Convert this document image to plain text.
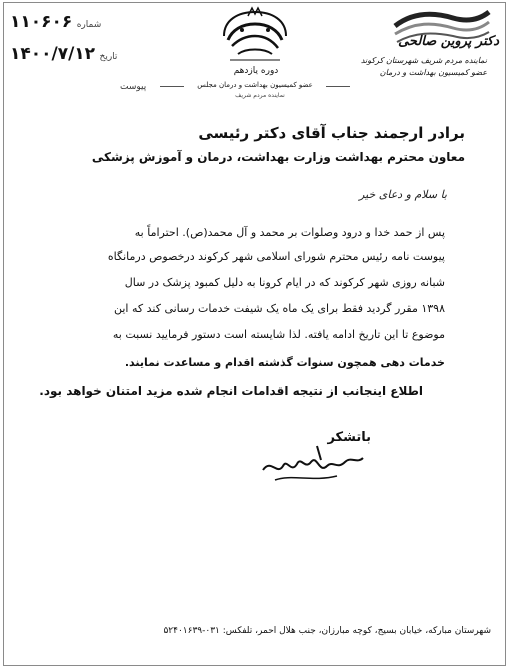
۱۱۰۶۰۶ شماره
۱۴۰۰/۷/۱۲ تاریخ
پیوست
دوره یازدهم
عضو کمیسیون بهداشت و درمان مجلس
نماینده مردم شریف
دکتر پروین صالحی
نماینده مردم شریف شهرستان کرکوند
عضو کمیسیون بهداشت و درمان
برادر ارجمند جناب آقای دکتر رئیسی
معاون محترم بهداشت وزارت بهداشت، درمان و آموزش پزشکی
با سلام و دعای خیر
پس از حمد خدا و درود وصلوات بر محمد و آل محمد(ص). احتراماً به
پیوست نامه رئیس محترم شورای اسلامی شهر کرکوند درخصوص درمانگاه
شبانه روزی شهر کرکوند که در ایام کرونا به دلیل کمبود پزشک در سال
۱۳۹۸ مقرر گردید فقط برای یک ماه یک شیفت خدمات رسانی کند که این
موضوع تا این تاریخ ادامه یافته. لذا شایسته است دستور فرمایید نسبت به
خدمات دهی همچون سنوات گذشته اقدام و مساعدت نمایند.
اطلاع اینجانب از نتیجه اقدامات انجام شده مزید امتنان خواهد بود.
باتشکر
شهرستان مبارکه، خیابان بسیج، کوچه مبارزان، جنب هلال احمر، تلفکس: ۰۳۱-۵۲۴۰۱۶۳۹
